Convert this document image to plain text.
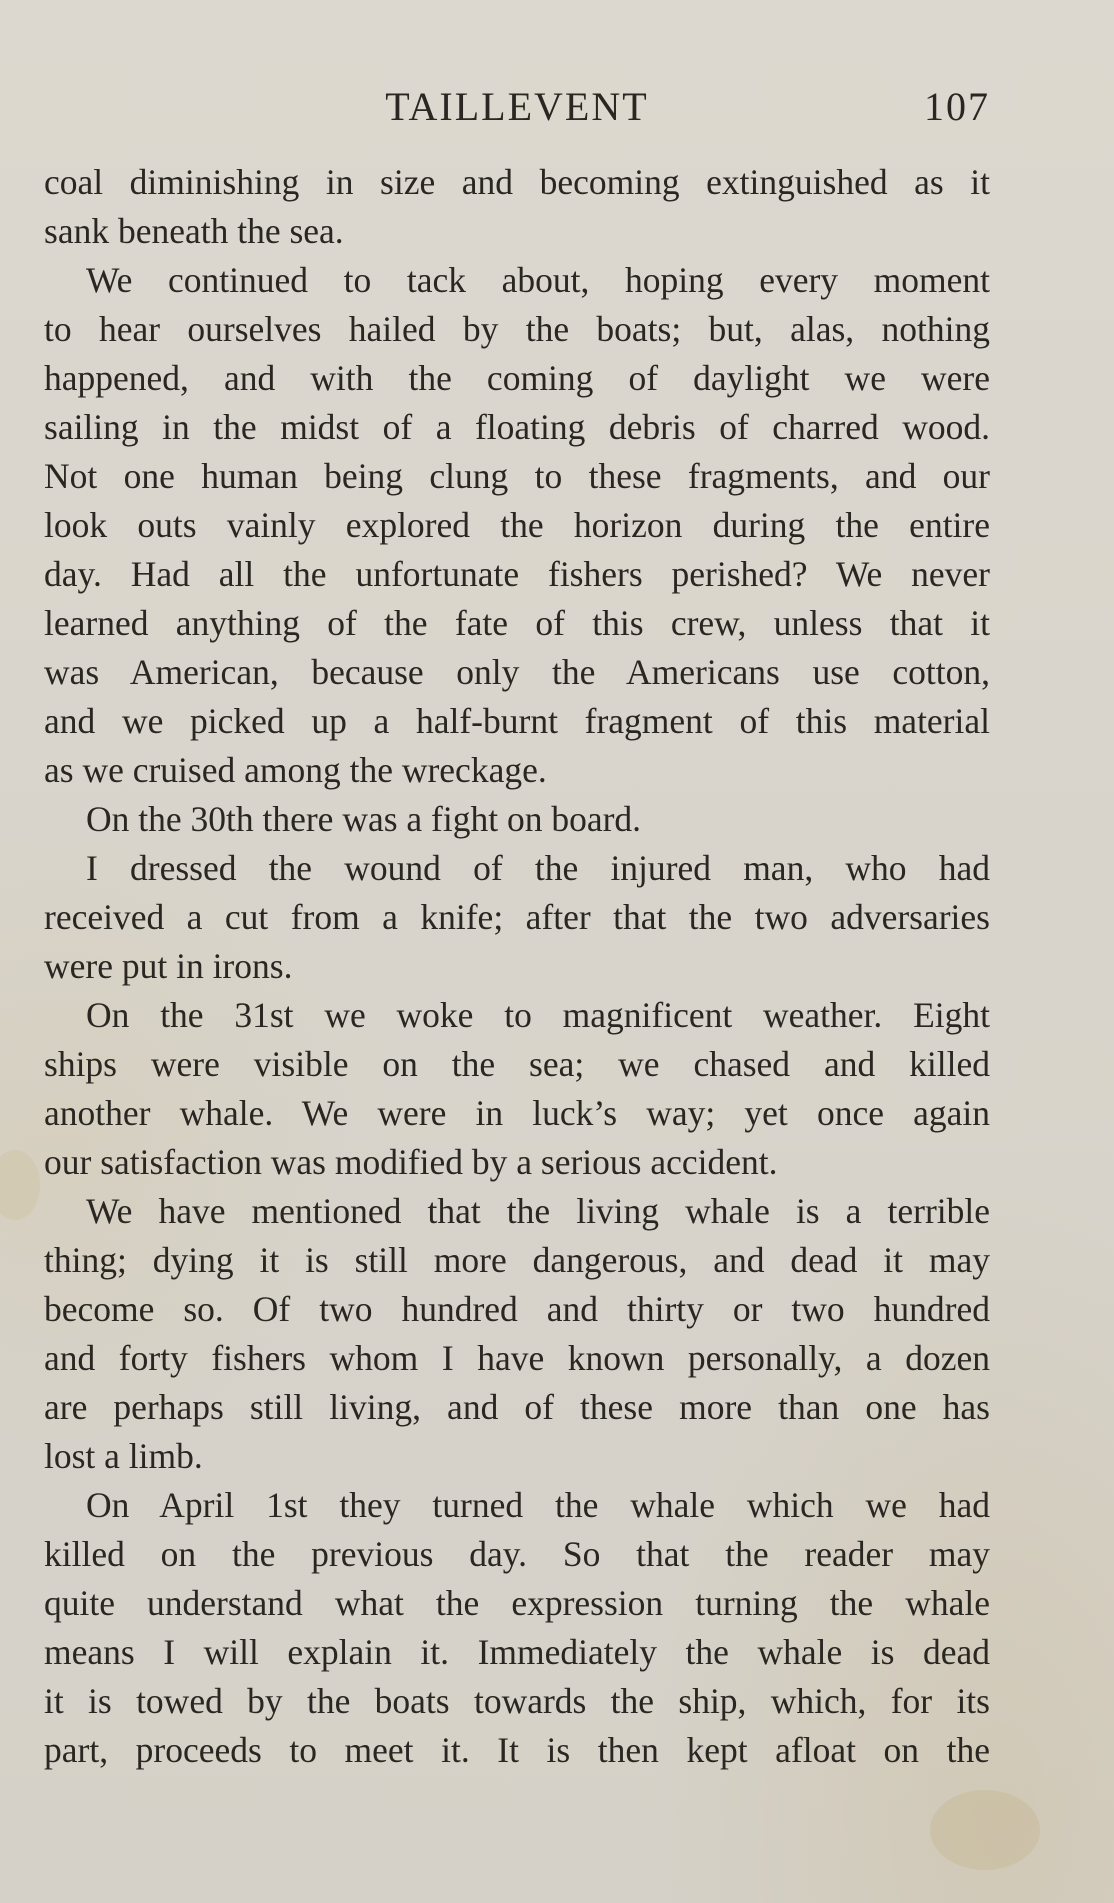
TAILLEVENT	107
coal diminishing in size and becoming extinguished as it
sank beneath the sea.
We continued to tack about, hoping every moment
to hear ourselves hailed by the boats; but, alas, nothing
happened, and with the coming of daylight we were
sailing in the midst of a floating debris of charred wood.
Not one human being clung to these fragments, and our
look outs vainly explored the horizon during the entire
day. Had all the unfortunate fishers perished? We never
learned anything of the fate of this crew, unless that it
was American, because only the Americans use cotton,
and we picked up a half-burnt fragment of this material
as we cruised among the wreckage.
On the 30th there was a fight on board.
I dressed the wound of the injured man, who had
received a cut from a knife; after that the two adversaries
were put in irons.
On the 31st we woke to magnificent weather. Eight
ships were visible on the sea; we chased and killed
another whale. We were in luck’s way; yet once again
our satisfaction was modified by a serious accident.
We have mentioned that the living whale is a terrible
thing; dying it is still more dangerous, and dead it may
become so. Of two hundred and thirty or two hundred
and forty fishers whom I have known personally, a dozen
are perhaps still living, and of these more than one has
lost a limb.
On April 1st they turned the whale which we had
killed on the previous day. So that the reader may
quite understand what the expression turning the whale
means I will explain it. Immediately the whale is dead
it is towed by the boats towards the ship, which, for its
part, proceeds to meet it. It is then kept afloat on the
